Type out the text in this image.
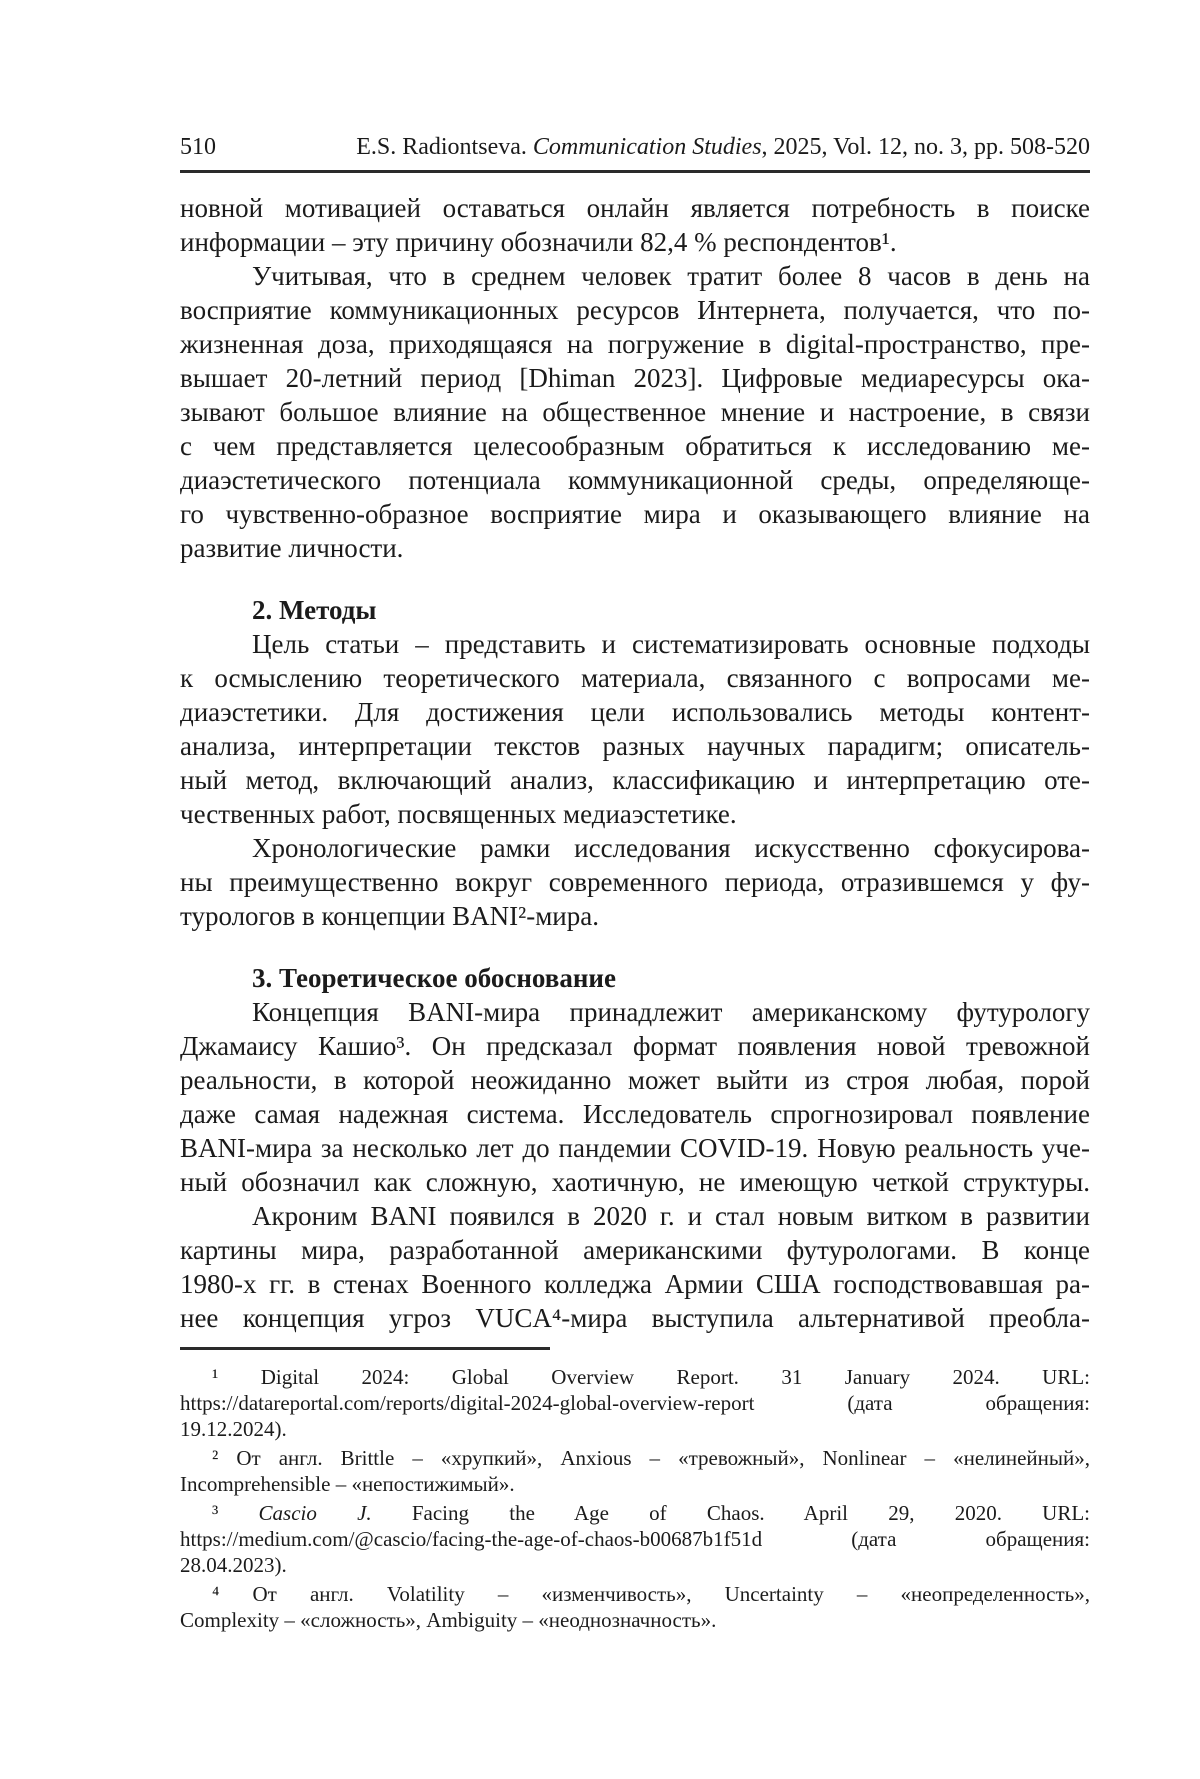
510	E.S. Radiontseva. Communication Studies, 2025, Vol. 12, no. 3, pp. 508-520
новной мотивацией оставаться онлайн является потребность в поиске
информации – эту причину обозначили 82,4 % респондентов¹.
Учитывая, что в среднем человек тратит более 8 часов в день на
восприятие коммуникационных ресурсов Интернета, получается, что по-
жизненная доза, приходящаяся на погружение в digital-пространство, пре-
вышает 20-летний период [Dhiman 2023]. Цифровые медиаресурсы ока-
зывают большое влияние на общественное мнение и настроение, в связи
с чем представляется целесообразным обратиться к исследованию ме-
диаэстетического потенциала коммуникационной среды, определяюще-
го чувственно-образное восприятие мира и оказывающего влияние на
развитие личности.
2. Методы
Цель статьи – представить и систематизировать основные подходы
к осмыслению теоретического материала, связанного с вопросами ме-
диаэстетики. Для достижения цели использовались методы контент-
анализа, интерпретации текстов разных научных парадигм; описатель-
ный метод, включающий анализ, классификацию и интерпретацию оте-
чественных работ, посвященных медиаэстетике.
Хронологические рамки исследования искусственно сфокусирова-
ны преимущественно вокруг современного периода, отразившемся у фу-
турологов в концепции BANI²-мира.
3. Теоретическое обоснование
Концепция BANI-мира принадлежит американскому футурологу
Джамаису Кашио³. Он предсказал формат появления новой тревожной
реальности, в которой неожиданно может выйти из строя любая, порой
даже самая надежная система. Исследователь спрогнозировал появление
BANI-мира за несколько лет до пандемии COVID-19. Новую реальность уче-
ный обозначил как сложную, хаотичную, не имеющую четкой структуры.
Акроним BANI появился в 2020 г. и стал новым витком в развитии
картины мира, разработанной американскими футурологами. В конце
1980-х гг. в стенах Военного колледжа Армии США господствовавшая ра-
нее концепция угроз VUCA⁴-мира выступила альтернативой преобла-
¹ Digital 2024: Global Overview Report. 31 January 2024. URL:
https://datareportal.com/reports/digital-2024-global-overview-report (дата обращения:
19.12.2024).
² От англ. Brittle – «хрупкий», Anxious – «тревожный», Nonlinear – «нелинейный»,
Incomprehensible – «непостижимый».
³ Cascio J. Facing the Age of Chaos. April 29, 2020. URL:
https://medium.com/@cascio/facing-the-age-of-chaos-b00687b1f51d (дата обращения:
28.04.2023).
⁴ От англ. Volatility – «изменчивость», Uncertainty – «неопределенность»,
Complexity – «сложность», Ambiguity – «неоднозначность».
